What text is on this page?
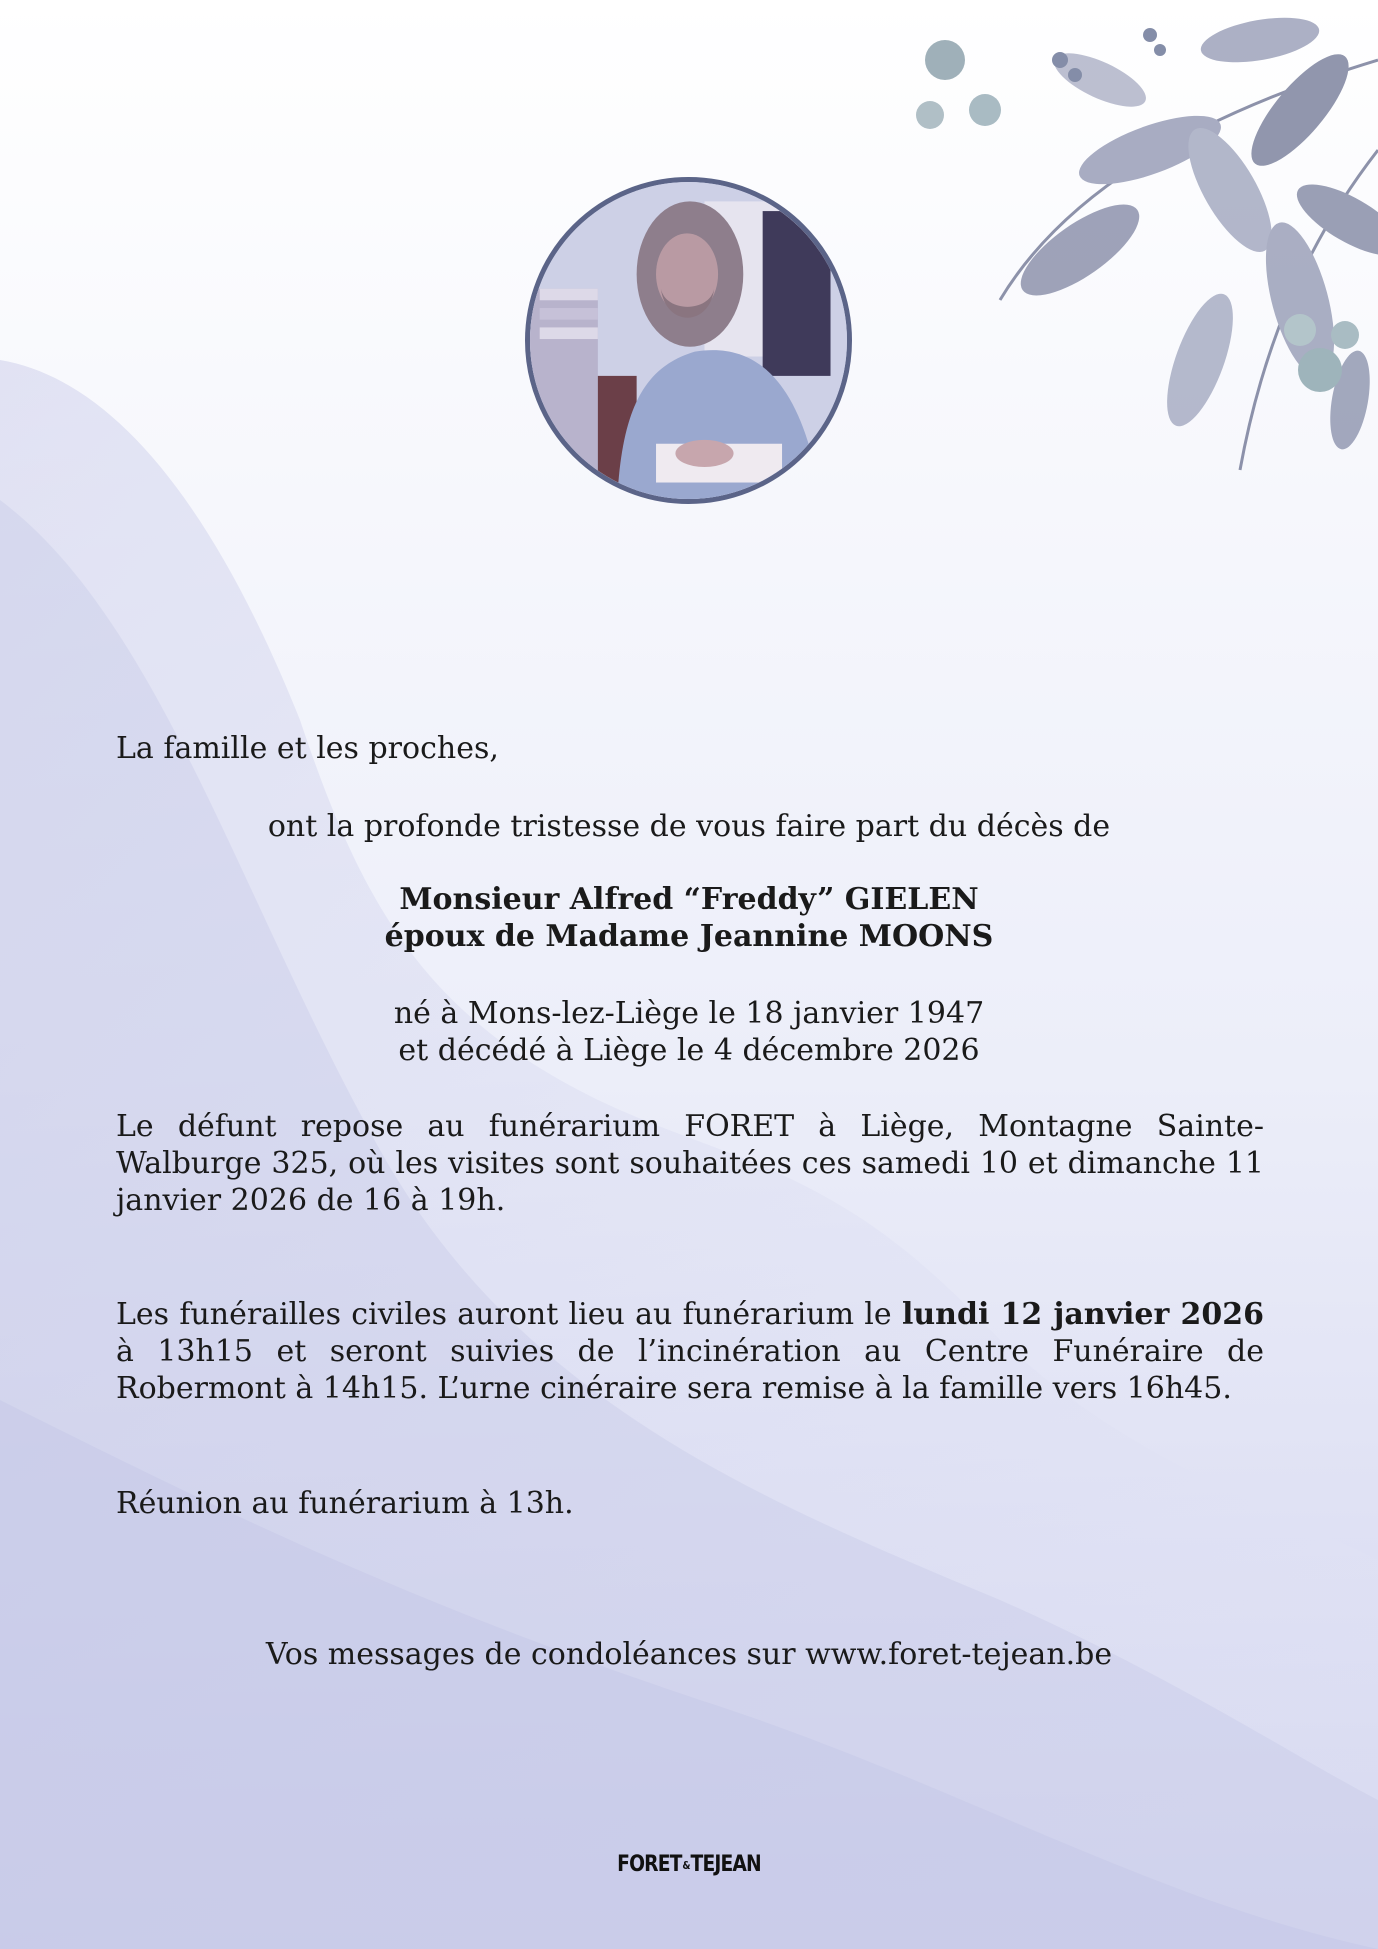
La famille et les proches,

ont la profonde tristesse de vous faire part du décès de

Monsieur Alfred “Freddy” GIELEN
époux de Madame Jeannine MOONS
né à Mons-lez-Liège le 18 janvier 1947
et décédé à Liège le 4 décembre 2026

Le défunt repose au funérarium FORET à Liège, Montagne Sainte-Walburge 325, où les visites sont souhaitées ces samedi 10 et dimanche 11 janvier 2026 de 16 à 19h.

Les funérailles civiles auront lieu au funérarium le lundi 12 janvier 2026 à 13h15 et seront suivies de l’incinération au Centre Funéraire de Robermont à 14h15. L’urne cinéraire sera remise à la famille vers 16h45.

Réunion au funérarium à 13h.

Vos messages de condoléances sur www.foret-tejean.be

FORET&TEJEAN
